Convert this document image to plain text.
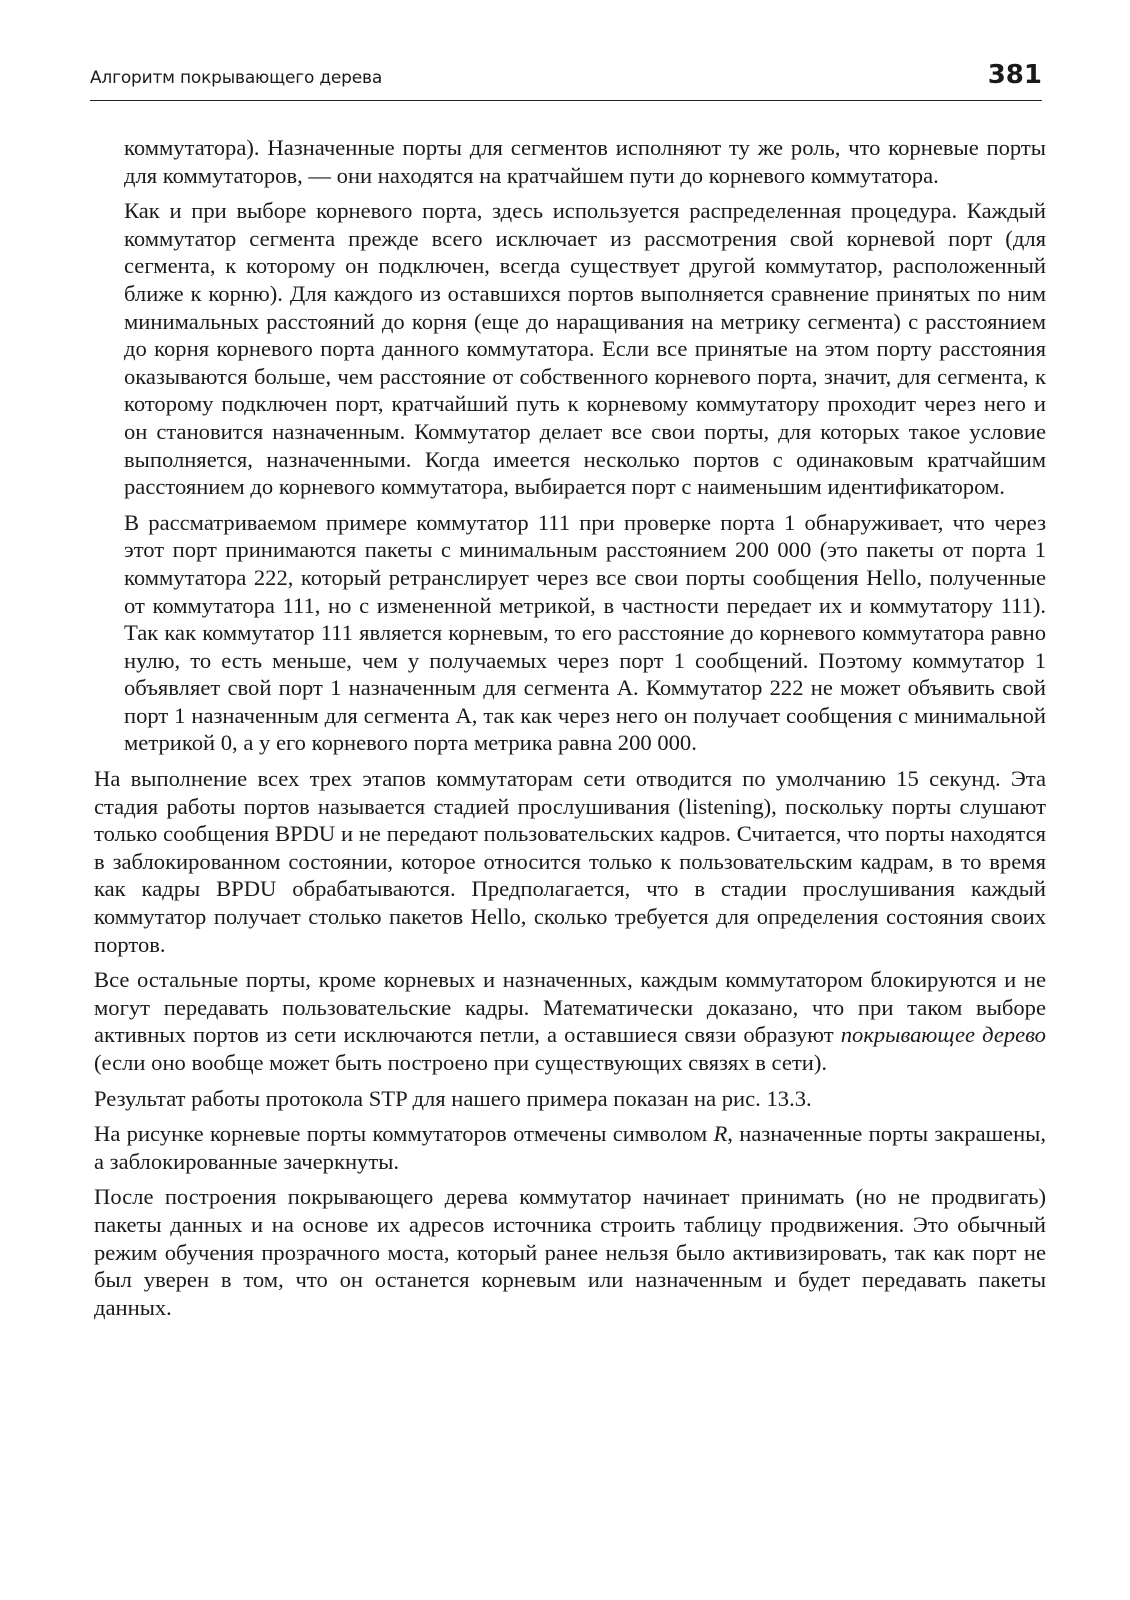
Алгоритм покрывающего дерева	381

коммутатора). Назначенные порты для сегментов исполняют ту же роль, что корневые порты для коммутаторов, — они находятся на кратчайшем пути до корневого коммутатора.

Как и при выборе корневого порта, здесь используется распределенная процедура. Каждый коммутатор сегмента прежде всего исключает из рассмотрения свой корневой порт (для сегмента, к которому он подключен, всегда существует другой коммутатор, расположенный ближе к корню). Для каждого из оставшихся портов выполняется сравнение принятых по ним минимальных расстояний до корня (еще до наращивания на метрику сегмента) с расстоянием до корня корневого порта данного коммутатора. Если все принятые на этом порту расстояния оказываются больше, чем расстояние от собственного корневого порта, значит, для сегмента, к которому подключен порт, кратчайший путь к корневому коммутатору проходит через него и он становится назначенным. Коммутатор делает все свои порты, для которых такое условие выполняется, назначенными. Когда имеется несколько портов с одинаковым кратчайшим расстоянием до корневого коммутатора, выбирается порт с наименьшим идентификатором.

В рассматриваемом примере коммутатор 111 при проверке порта 1 обнаруживает, что через этот порт принимаются пакеты с минимальным расстоянием 200 000 (это пакеты от порта 1 коммутатора 222, который ретранслирует через все свои порты сообщения Hello, полученные от коммутатора 111, но с измененной метрикой, в частности передает их и коммутатору 111). Так как коммутатор 111 является корневым, то его расстояние до корневого коммутатора равно нулю, то есть меньше, чем у получаемых через порт 1 сообщений. Поэтому коммутатор 1 объявляет свой порт 1 назначенным для сегмента A. Коммутатор 222 не может объявить свой порт 1 назначенным для сегмента A, так как через него он получает сообщения с минимальной метрикой 0, а у его корневого порта метрика равна 200 000.

На выполнение всех трех этапов коммутаторам сети отводится по умолчанию 15 секунд. Эта стадия работы портов называется стадией прослушивания (listening), поскольку порты слушают только сообщения BPDU и не передают пользовательских кадров. Считается, что порты находятся в заблокированном состоянии, которое относится только к пользовательским кадрам, в то время как кадры BPDU обрабатываются. Предполагается, что в стадии прослушивания каждый коммутатор получает столько пакетов Hello, сколько требуется для определения состояния своих портов.

Все остальные порты, кроме корневых и назначенных, каждым коммутатором блокируются и не могут передавать пользовательские кадры. Математически доказано, что при таком выборе активных портов из сети исключаются петли, а оставшиеся связи образуют покрывающее дерево (если оно вообще может быть построено при существующих связях в сети).

Результат работы протокола STP для нашего примера показан на рис. 13.3.

На рисунке корневые порты коммутаторов отмечены символом R, назначенные порты закрашены, а заблокированные зачеркнуты.

После построения покрывающего дерева коммутатор начинает принимать (но не продвигать) пакеты данных и на основе их адресов источника строить таблицу продвижения. Это обычный режим обучения прозрачного моста, который ранее нельзя было активизировать, так как порт не был уверен в том, что он останется корневым или назначенным и будет передавать пакеты данных.
